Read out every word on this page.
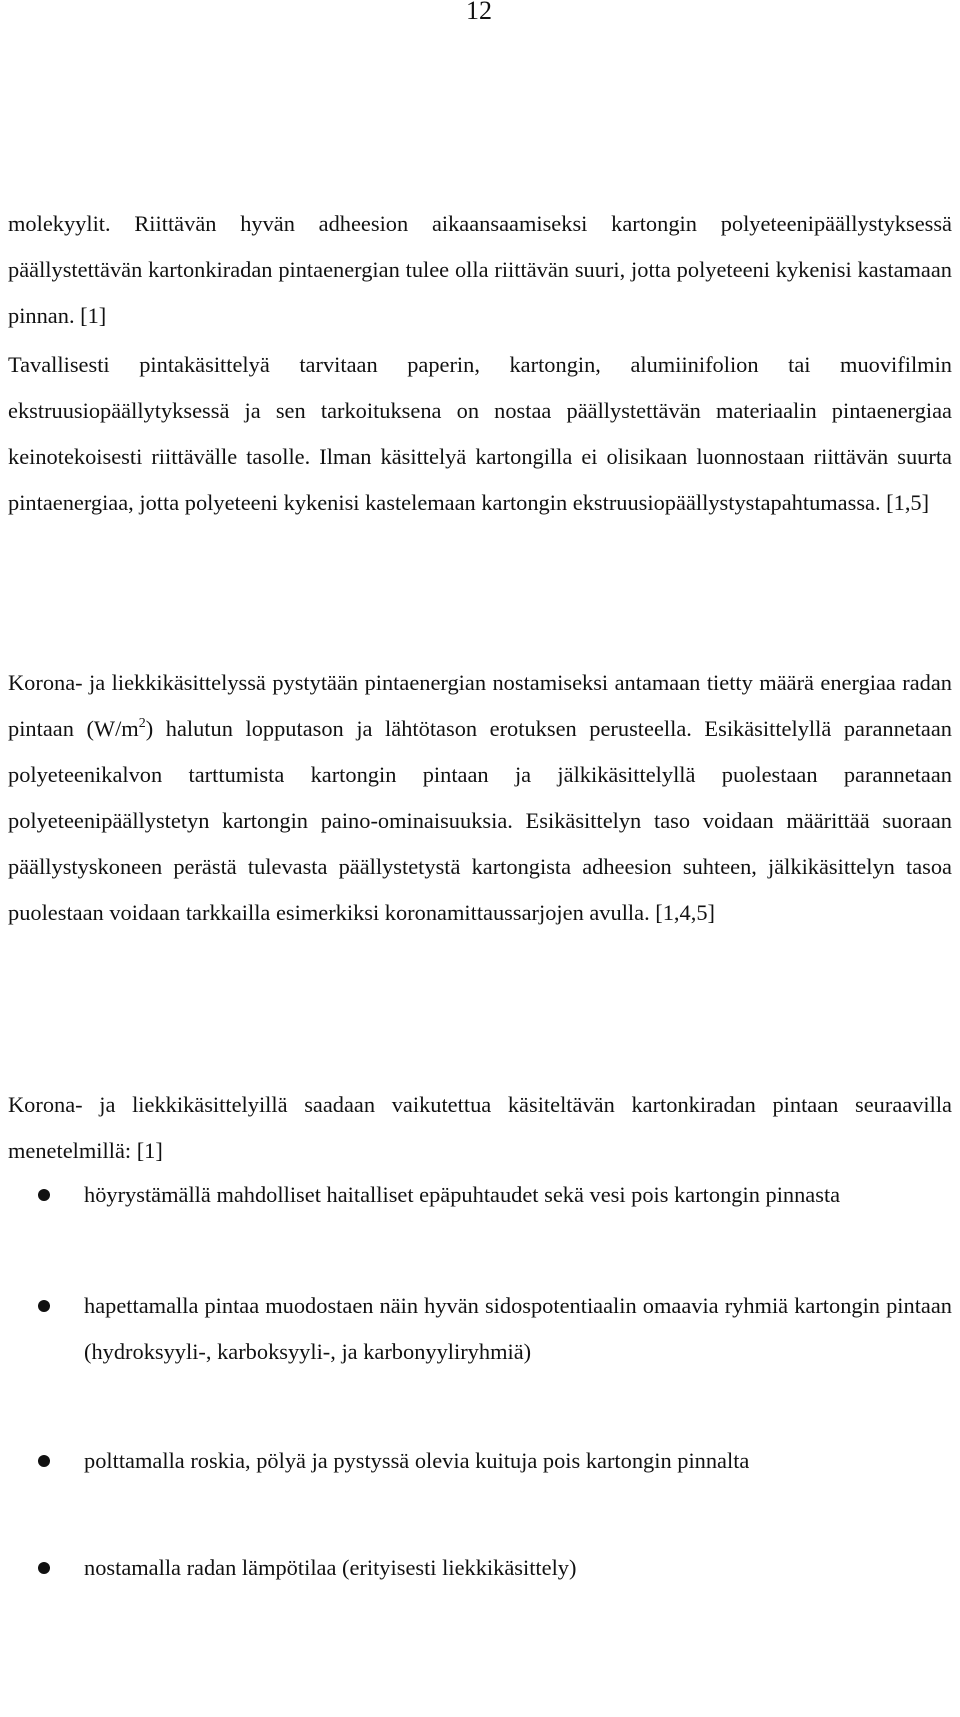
12

molekyylit. Riittävän hyvän adheesion aikaansaamiseksi kartongin polyeteenipäällystyksessä päällystettävän kartonkiradan pintaenergian tulee olla riittävän suuri, jotta polyeteeni kykenisi kastamaan pinnan. [1]

Tavallisesti pintakäsittelyä tarvitaan paperin, kartongin, alumiinifolion tai muovifilmin ekstruusiopäällytyksessä ja sen tarkoituksena on nostaa päällystettävän materiaalin pintaenergiaa keinotekoisesti riittävälle tasolle. Ilman käsittelyä kartongilla ei olisikaan luonnostaan riittävän suurta pintaenergiaa, jotta polyeteeni kykenisi kastelemaan kartongin ekstruusiopäällystystapahtumassa. [1,5]

Korona- ja liekkikäsittelyssä pystytään pintaenergian nostamiseksi antamaan tietty määrä energiaa radan pintaan $(W/m^2)$ halutun lopputason ja lähtötason erotuksen perusteella. Esikäsittelyllä parannetaan polyeteenikalvon tarttumista kartongin pintaan ja jälkikäsittelyllä puolestaan parannetaan polyeteenipäällystetyn kartongin paino-ominaisuuksia. Esikäsittelyn taso voidaan määrittää suoraan päällystyskoneen perästä tulevasta päällystetystä kartongista adheesion suhteen, jälkikäsittelyn tasoa puolestaan voidaan tarkkailla esimerkiksi koronamittaussarjojen avulla. [1,4,5]

Korona- ja liekkikäsittelyillä saadaan vaikutettua käsiteltävän kartonkiradan pintaan seuraavilla menetelmillä: [1]

höyrystämällä mahdolliset haitalliset epäpuhtaudet sekä vesi pois kartongin pinnasta
hapettamalla pintaa muodostaen näin hyvän sidospotentiaalin omaavia ryhmiä kartongin pintaan (hydroksyyli-, karboksyyli-, ja karbonyyliryhmiä)
polttamalla roskia, pölyä ja pystyssä olevia kuituja pois kartongin pinnalta
nostamalla radan lämpötilaa (erityisesti liekkikäsittely)
